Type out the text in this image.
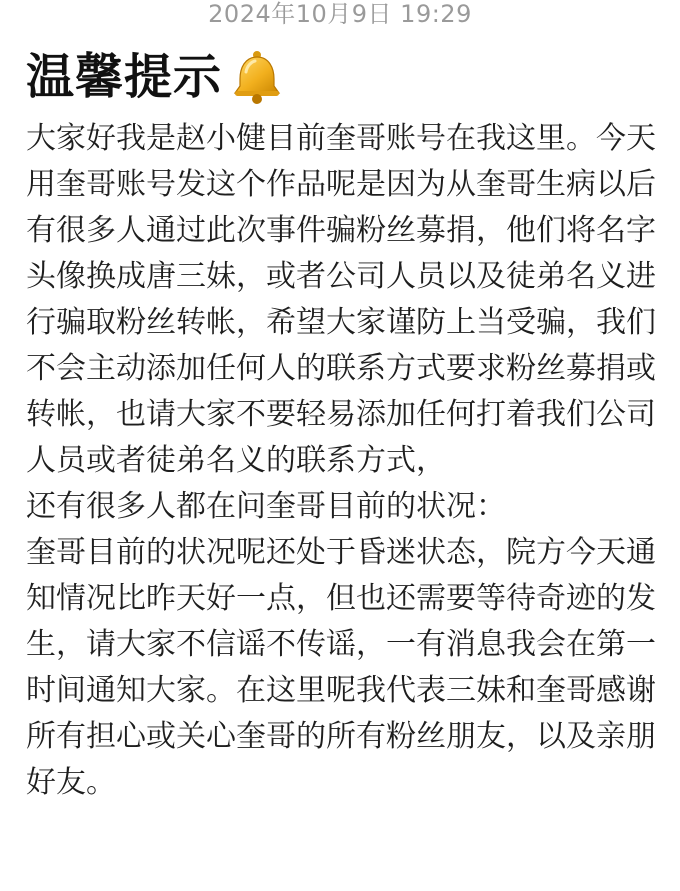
2024年10月9日 19:29
温馨提示

大家好我是赵小健目前奎哥账号在我这里。今天用奎哥账号发这个作品呢是因为从奎哥生病以后有很多人通过此次事件骗粉丝募捐，他们将名字头像换成唐三妹，或者公司人员以及徒弟名义进行骗取粉丝转帐，希望大家谨防上当受骗，我们不会主动添加任何人的联系方式要求粉丝募捐或转帐，也请大家不要轻易添加任何打着我们公司人员或者徒弟名义的联系方式，

还有很多人都在问奎哥目前的状况：

奎哥目前的状况呢还处于昏迷状态，院方今天通知情况比昨天好一点，但也还需要等待奇迹的发生，请大家不信谣不传谣，一有消息我会在第一时间通知大家。在这里呢我代表三妹和奎哥感谢所有担心或关心奎哥的所有粉丝朋友，以及亲朋好友。
